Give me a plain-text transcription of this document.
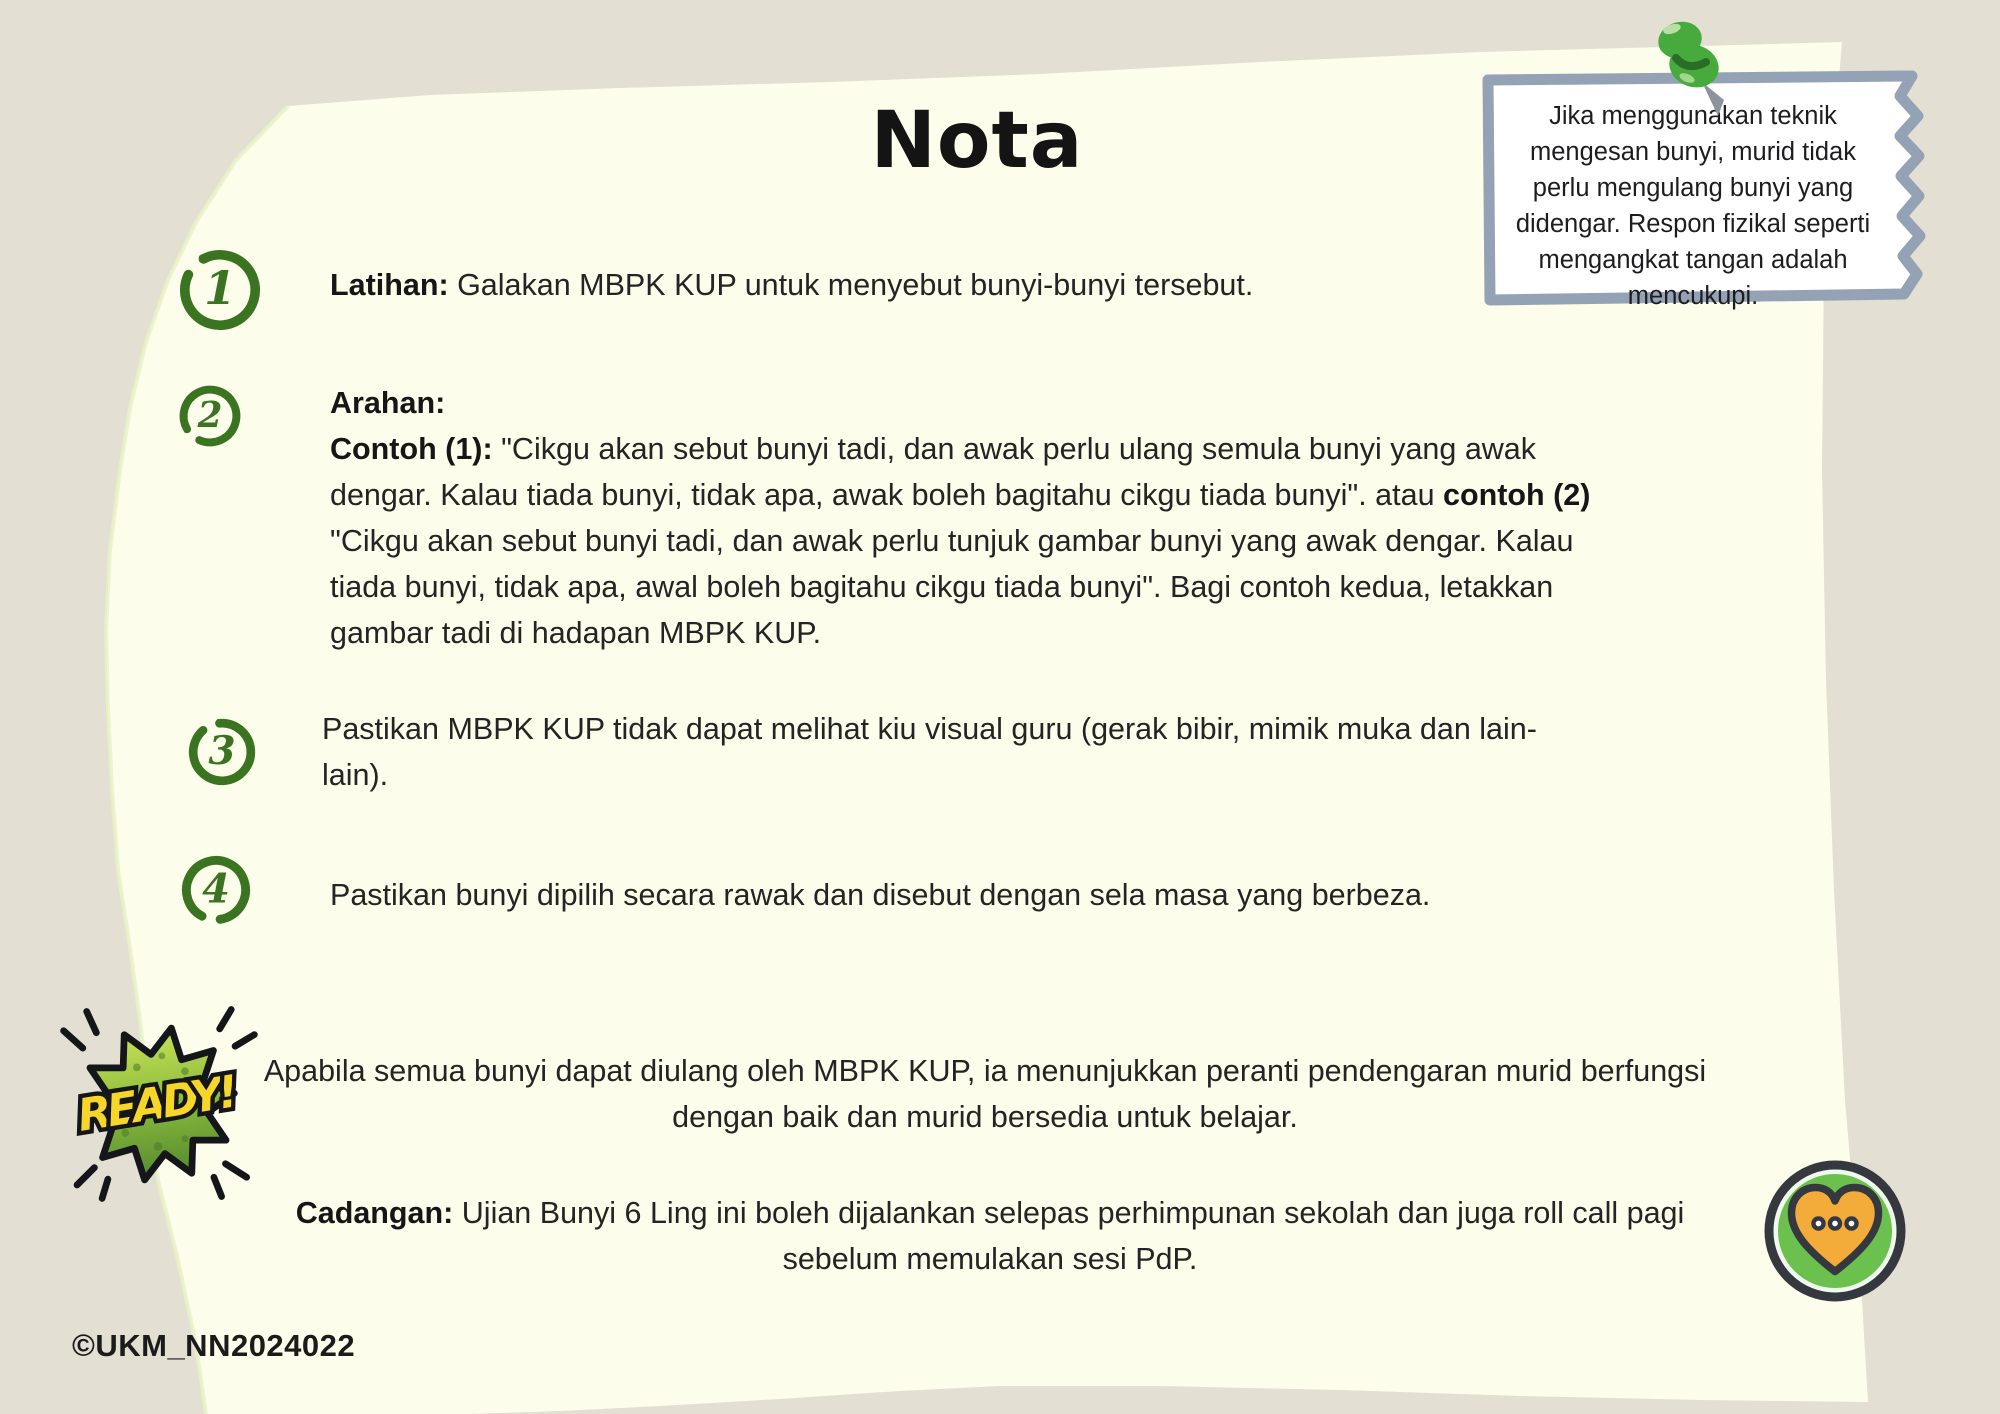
Nota	Jika menggunakan teknik mengesan bunyi, murid tidak perlu mengulang bunyi yang didengar. Respon fizikal seperti mengangkat tangan adalah mencukupi.
1	Latihan: Galakan MBPK KUP untuk menyebut bunyi-bunyi tersebut.
2	Arahan:
Contoh (1): "Cikgu akan sebut bunyi tadi, dan awak perlu ulang semula bunyi yang awak dengar. Kalau tiada bunyi, tidak apa, awak boleh bagitahu cikgu tiada bunyi". atau contoh (2) "Cikgu akan sebut bunyi tadi, dan awak perlu tunjuk gambar bunyi yang awak dengar. Kalau tiada bunyi, tidak apa, awal boleh bagitahu cikgu tiada bunyi". Bagi contoh kedua, letakkan gambar tadi di hadapan MBPK KUP.
3	Pastikan MBPK KUP tidak dapat melihat kiu visual guru (gerak bibir, mimik muka dan lain-lain).
4	Pastikan bunyi dipilih secara rawak dan disebut dengan sela masa yang berbeza.
READY! Apabila semua bunyi dapat diulang oleh MBPK KUP, ia menunjukkan peranti pendengaran murid berfungsi dengan baik dan murid bersedia untuk belajar.
Cadangan: Ujian Bunyi 6 Ling ini boleh dijalankan selepas perhimpunan sekolah dan juga roll call pagi sebelum memulakan sesi PdP.
©UKM_NN2024022
